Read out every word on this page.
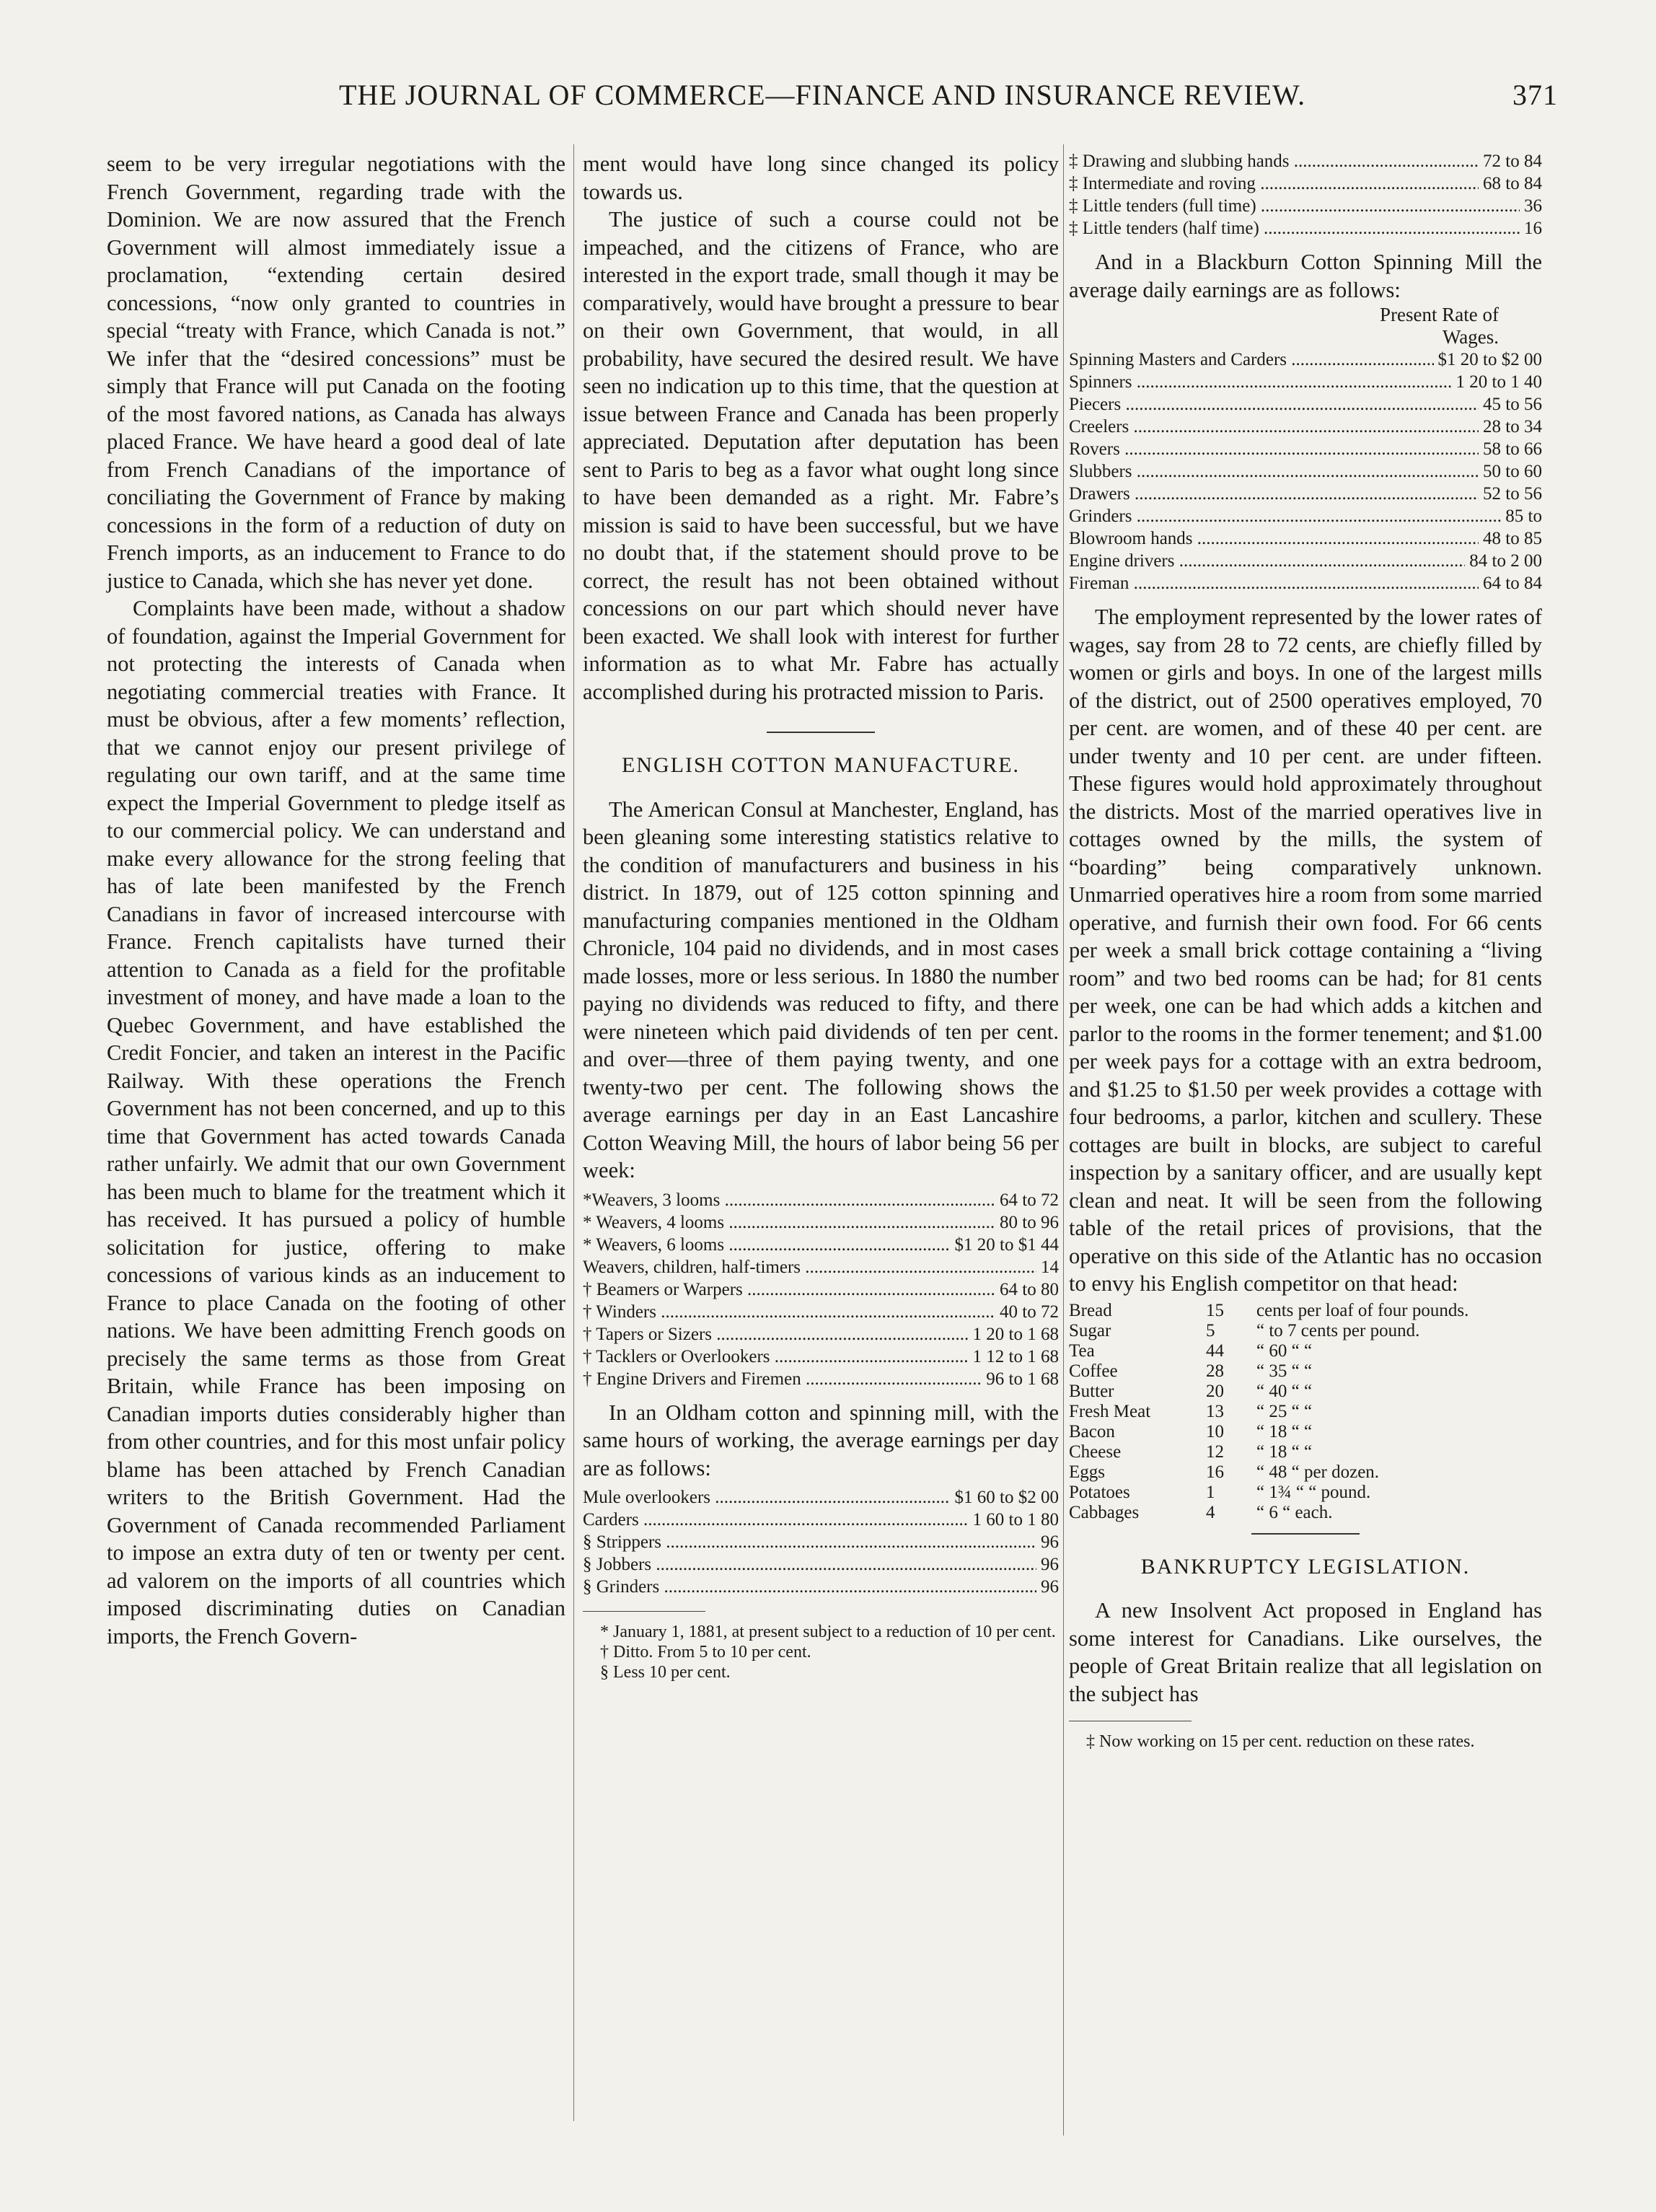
THE JOURNAL OF COMMERCE—FINANCE AND INSURANCE REVIEW.	371

seem to be very irregular negotiations with the French Government, regarding trade with the Dominion. We are now assured that the French Government will almost immediately issue a proclamation, “extending certain desired concessions, “now only granted to countries in special “treaty with France, which Canada is not.” We infer that the “desired concessions” must be simply that France will put Canada on the footing of the most favored nations, as Canada has always placed France. We have heard a good deal of late from French Canadians of the importance of conciliating the Government of France by making concessions in the form of a reduction of duty on French imports, as an inducement to France to do justice to Canada, which she has never yet done.

Complaints have been made, without a shadow of foundation, against the Imperial Government for not protecting the interests of Canada when negotiating commercial treaties with France. It must be obvious, after a few moments’ reflection, that we cannot enjoy our present privilege of regulating our own tariff, and at the same time expect the Imperial Government to pledge itself as to our commercial policy. We can understand and make every allowance for the strong feeling that has of late been manifested by the French Canadians in favor of increased intercourse with France. French capitalists have turned their attention to Canada as a field for the profitable investment of money, and have made a loan to the Quebec Government, and have established the Credit Foncier, and taken an interest in the Pacific Railway. With these operations the French Government has not been concerned, and up to this time that Government has acted towards Canada rather unfairly. We admit that our own Government has been much to blame for the treatment which it has received. It has pursued a policy of humble solicitation for justice, offering to make concessions of various kinds as an inducement to France to place Canada on the footing of other nations. We have been admitting French goods on precisely the same terms as those from Great Britain, while France has been imposing on Canadian imports duties considerably higher than from other countries, and for this most unfair policy blame has been attached by French Canadian writers to the British Government. Had the Government of Canada recommended Parliament to impose an extra duty of ten or twenty per cent. ad valorem on the imports of all countries which imposed discriminating duties on Canadian imports, the French Govern-

ment would have long since changed its policy towards us.

The justice of such a course could not be impeached, and the citizens of France, who are interested in the export trade, small though it may be comparatively, would have brought a pressure to bear on their own Government, that would, in all probability, have secured the desired result. We have seen no indication up to this time, that the question at issue between France and Canada has been properly appreciated. Deputation after deputation has been sent to Paris to beg as a favor what ought long since to have been demanded as a right. Mr. Fabre’s mission is said to have been successful, but we have no doubt that, if the statement should prove to be correct, the result has not been obtained without concessions on our part which should never have been exacted. We shall look with interest for further information as to what Mr. Fabre has actually accomplished during his protracted mission to Paris.

ENGLISH COTTON MANUFACTURE.

The American Consul at Manchester, England, has been gleaning some interesting statistics relative to the condition of manufacturers and business in his district. In 1879, out of 125 cotton spinning and manufacturing companies mentioned in the Oldham Chronicle, 104 paid no dividends, and in most cases made losses, more or less serious. In 1880 the number paying no dividends was reduced to fifty, and there were nineteen which paid dividends of ten per cent. and over—three of them paying twenty, and one twenty-two per cent. The following shows the average earnings per day in an East Lancashire Cotton Weaving Mill, the hours of labor being 56 per week:

*Weavers, 3 looms .....	64 to 72
* Weavers, 4 looms .....	80 to 96
* Weavers, 6 looms .....	$1 20 to $1 44
Weavers, children, half-timers .....	14
† Beamers or Warpers .....	64 to 80
† Winders .....	40 to 72
† Tapers or Sizers .....	1 20 to 1 68
† Tacklers or Overlookers .....	1 12 to 1 68
† Engine Drivers and Firemen .....	96 to 1 68

In an Oldham cotton and spinning mill, with the same hours of working, the average earnings per day are as follows:

Mule overlookers .....	$1 60 to $2 00
Carders .....	1 60 to 1 80
§ Strippers .....	96
§ Jobbers .....	96
§ Grinders .....	96

* January 1, 1881, at present subject to a reduction of 10 per cent.

† Ditto. From 5 to 10 per cent.

§ Less 10 per cent.

‡ Drawing and slubbing hands .....	72 to 84
‡ Intermediate and roving .....	68 to 84
‡ Little tenders (full time) .....	36
‡ Little tenders (half time) .....	16

And in a Blackburn Cotton Spinning Mill the average daily earnings are as follows:

Present Rate of
Wages.
Spinning Masters and Carders .....	$1 20 to $2 00
Spinners .....	1 20 to 1 40
Piecers .....	45 to 56
Creelers .....	28 to 34
Rovers .....	58 to 66
Slubbers .....	50 to 60
Drawers .....	52 to 56
Grinders .....	85 to
Blowroom hands .....	48 to 85
Engine drivers .....	84 to 2 00
Fireman .....	64 to 84

The employment represented by the lower rates of wages, say from 28 to 72 cents, are chiefly filled by women or girls and boys. In one of the largest mills of the district, out of 2500 operatives employed, 70 per cent. are women, and of these 40 per cent. are under twenty and 10 per cent. are under fifteen. These figures would hold approximately throughout the districts. Most of the married operatives live in cottages owned by the mills, the system of “boarding” being comparatively unknown. Unmarried operatives hire a room from some married operative, and furnish their own food. For 66 cents per week a small brick cottage containing a “living room” and two bed rooms can be had; for 81 cents per week, one can be had which adds a kitchen and parlor to the rooms in the former tenement; and $1.00 per week pays for a cottage with an extra bedroom, and $1.25 to $1.50 per week provides a cottage with four bedrooms, a parlor, kitchen and scullery. These cottages are built in blocks, are subject to careful inspection by a sanitary officer, and are usually kept clean and neat. It will be seen from the following table of the retail prices of provisions, that the operative on this side of the Atlantic has no occasion to envy his English competitor on that head:

Bread	15	cents per loaf of four pounds.
Sugar	5	“ to 7 cents per pound.
Tea	44	“ 60 “ “
Coffee	28	“ 35 “ “
Butter	20	“ 40 “ “
Fresh Meat	13	“ 25 “ “
Bacon	10	“ 18 “ “
Cheese	12	“ 18 “ “
Eggs	16	“ 48 “ per dozen.
Potatoes	1	“ 1¾ “ “ pound.
Cabbages	4	“ 6 “ each.
BANKRUPTCY LEGISLATION.

A new Insolvent Act proposed in England has some interest for Canadians. Like ourselves, the people of Great Britain realize that all legislation on the subject has

‡ Now working on 15 per cent. reduction on these rates.
